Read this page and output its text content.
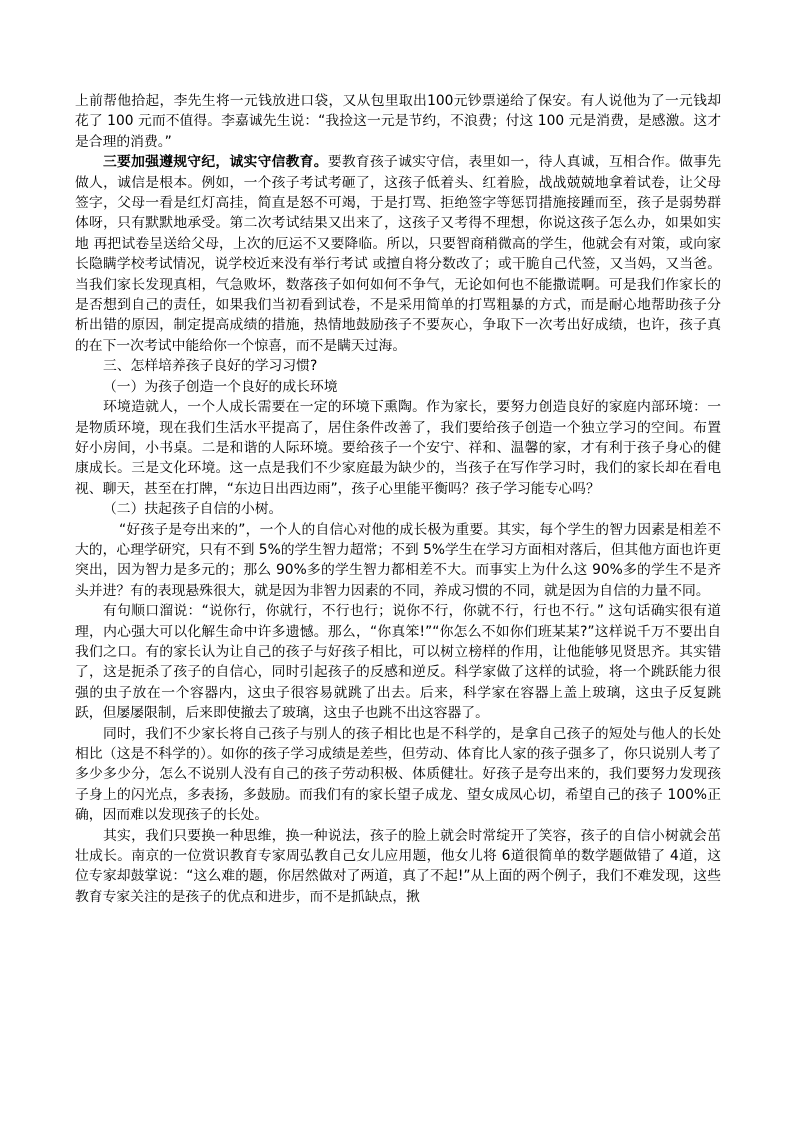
上前帮他拾起，李先生将一元钱放进口袋，又从包里取出100元钞票递给了保安。有人说他为了一元钱却花了 100 元而不值得。李嘉诚先生说：“我捡这一元是节约，不浪费；付这 100 元是消费，是感激。这才是合理的消费。”

三要加强遵规守纪，诚实守信教育。要教育孩子诚实守信，表里如一，待人真诚，互相合作。做事先做人，诚信是根本。例如，一个孩子考试考砸了，这孩子低着头、红着脸，战战兢兢地拿着试卷，让父母签字，父母一看是红灯高挂，简直是怒不可竭，于是打骂、拒绝签字等惩罚措施接踵而至，孩子是弱势群体呀，只有默默地承受。第二次考试结果又出来了，这孩子又考得不理想，你说这孩子怎么办，如果如实地 再把试卷呈送给父母，上次的厄运不又要降临。所以，只要智商稍微高的学生，他就会有对策，或向家长隐瞒学校考试情况，说学校近来没有举行考试 或擅自将分数改了；或干脆自己代签，又当妈，又当爸。当我们家长发现真相，气急败坏，数落孩子如何如何不争气，无论如何也不能撒谎啊。可是我们作家长的是否想到自己的责任，如果我们当初看到试卷，不是采用简单的打骂粗暴的方式，而是耐心地帮助孩子分析出错的原因，制定提高成绩的措施，热情地鼓励孩子不要灰心，争取下一次考出好成绩，也许，孩子真的在下一次考试中能给你一个惊喜，而不是瞒天过海。

三、怎样培养孩子良好的学习习惯?

（一）为孩子创造一个良好的成长环境

环境造就人，一个人成长需要在一定的环境下熏陶。作为家长，要努力创造良好的家庭内部环境：一是物质环境，现在我们生活水平提高了，居住条件改善了，我们要给孩子创造一个独立学习的空间。布置好小房间，小书桌。二是和谐的人际环境。要给孩子一个安宁、祥和、温馨的家，才有利于孩子身心的健康成长。三是文化环境。这一点是我们不少家庭最为缺少的，当孩子在写作学习时，我们的家长却在看电视、聊天，甚至在打牌，“东边日出西边雨”，孩子心里能平衡吗？孩子学习能专心吗？

（二）扶起孩子自信的小树。

“好孩子是夸出来的”，一个人的自信心对他的成长极为重要。其实，每个学生的智力因素是相差不大的，心理学研究，只有不到 5%的学生智力超常；不到 5%学生在学习方面相对落后，但其他方面也许更突出，因为智力是多元的；那么 90%多的学生智力都相差不大。而事实上为什么这 90%多的学生不是齐头并进？有的表现悬殊很大，就是因为非智力因素的不同，养成习惯的不同，就是因为自信的力量不同。

有句顺口溜说：“说你行，你就行，不行也行；说你不行，你就不行，行也不行。” 这句话确实很有道理，内心强大可以化解生命中许多遗憾。那么，“你真笨!”“你怎么不如你们班某某?”这样说千万不要出自我们之口。有的家长认为让自己的孩子与好孩子相比，可以树立榜样的作用，让他能够见贤思齐。其实错了，这是扼杀了孩子的自信心，同时引起孩子的反感和逆反。科学家做了这样的试验，将一个跳跃能力很强的虫子放在一个容器内，这虫子很容易就跳了出去。后来，科学家在容器上盖上玻璃，这虫子反复跳跃，但屡屡限制，后来即使撤去了玻璃，这虫子也跳不出这容器了。

同时，我们不少家长将自己孩子与别人的孩子相比也是不科学的，是拿自己孩子的短处与他人的长处相比（这是不科学的）。如你的孩子学习成绩是差些，但劳动、体育比人家的孩子强多了，你只说别人考了多少多少分，怎么不说别人没有自己的孩子劳动积极、体质健壮。好孩子是夸出来的，我们要努力发现孩子身上的闪光点，多表扬，多鼓励。而我们有的家长望子成龙、望女成凤心切，希望自己的孩子 100%正确，因而难以发现孩子的长处。

其实，我们只要换一种思维，换一种说法，孩子的脸上就会时常绽开了笑容，孩子的自信小树就会茁壮成长。南京的一位赏识教育专家周弘教自己女儿应用题，他女儿将 6道很简单的数学题做错了 4道，这位专家却鼓掌说：“这么难的题，你居然做对了两道，真了不起!”从上面的两个例子，我们不难发现，这些教育专家关注的是孩子的优点和进步，而不是抓缺点，揪
